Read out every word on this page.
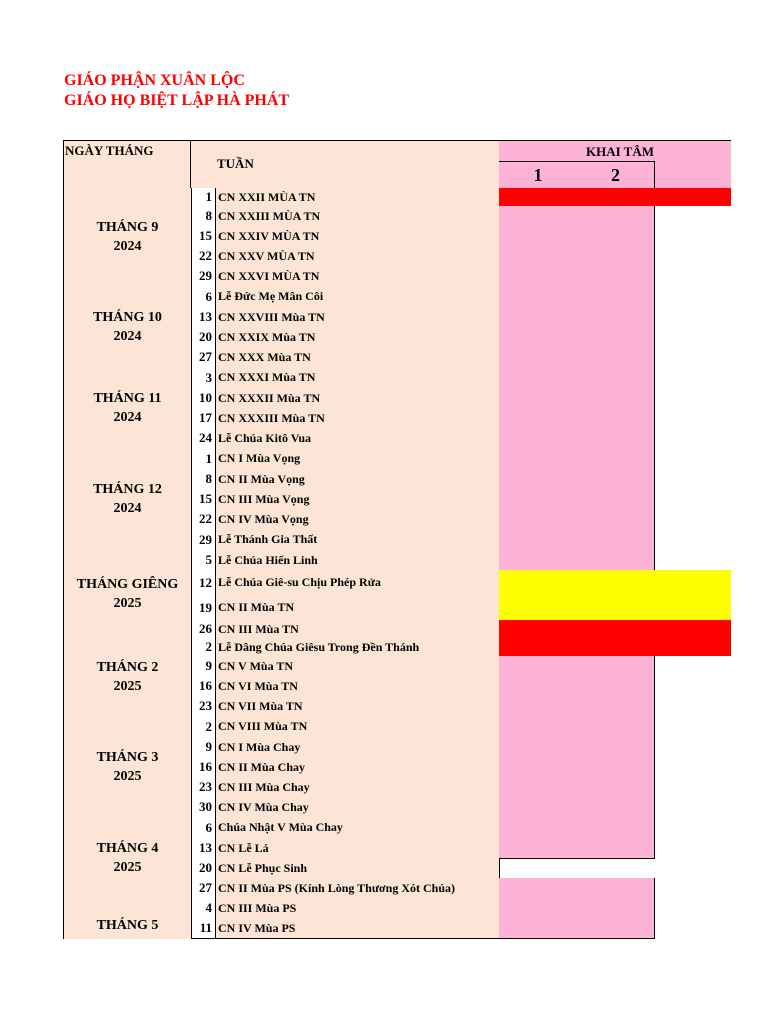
GIÁO PHẬN XUÂN LỘC
GIÁO HỌ BIỆT LẬP HÀ PHÁT
NGÀY THÁNG
TUẦN
KHAI TÂM
1	2
1 CN XXII MÙA TN
8 CN XXIII MÙA TN
15 CN XXIV MÙA TN
22 CN XXV MÙA TN
29 CN XXVI MÙA TN
THÁNG 9
2024
6 Lễ Đức Mẹ Mân Côi
13 CN XXVIII Mùa TN
20 CN XXIX Mùa TN
27 CN XXX Mùa TN
THÁNG 10
2024
3 CN XXXI Mùa TN
10 CN XXXII Mùa TN
17 CN XXXIII Mùa TN
24 Lễ Chúa Kitô Vua
THÁNG 11
2024
1 CN I Mùa Vọng
8 CN II Mùa Vọng
15 CN III Mùa Vọng
22 CN IV Mùa Vọng
29 Lễ Thánh Gia Thất
THÁNG 12
2024
5 Lễ Chúa Hiển Linh
12 Lễ Chúa Giê-su Chịu Phép Rửa
19 CN II Mùa TN
26 CN III Mùa TN
THÁNG GIÊNG
2025
2 Lễ Dâng Chúa Giêsu Trong Đền Thánh
9 CN V Mùa TN
16 CN VI Mùa TN
23 CN VII Mùa TN
THÁNG 2
2025
2 CN VIII Mùa TN
9 CN I Mùa Chay
16 CN II Mùa Chay
23 CN III Mùa Chay
30 CN IV Mùa Chay
THÁNG 3
2025
6 Chúa Nhật V Mùa Chay
13 CN Lễ Lá
20 CN Lễ Phục Sinh
27 CN II Mùa PS (Kính Lòng Thương Xót Chúa)
THÁNG 4
2025
4 CN III Mùa PS
11 CN IV Mùa PS
THÁNG 5
